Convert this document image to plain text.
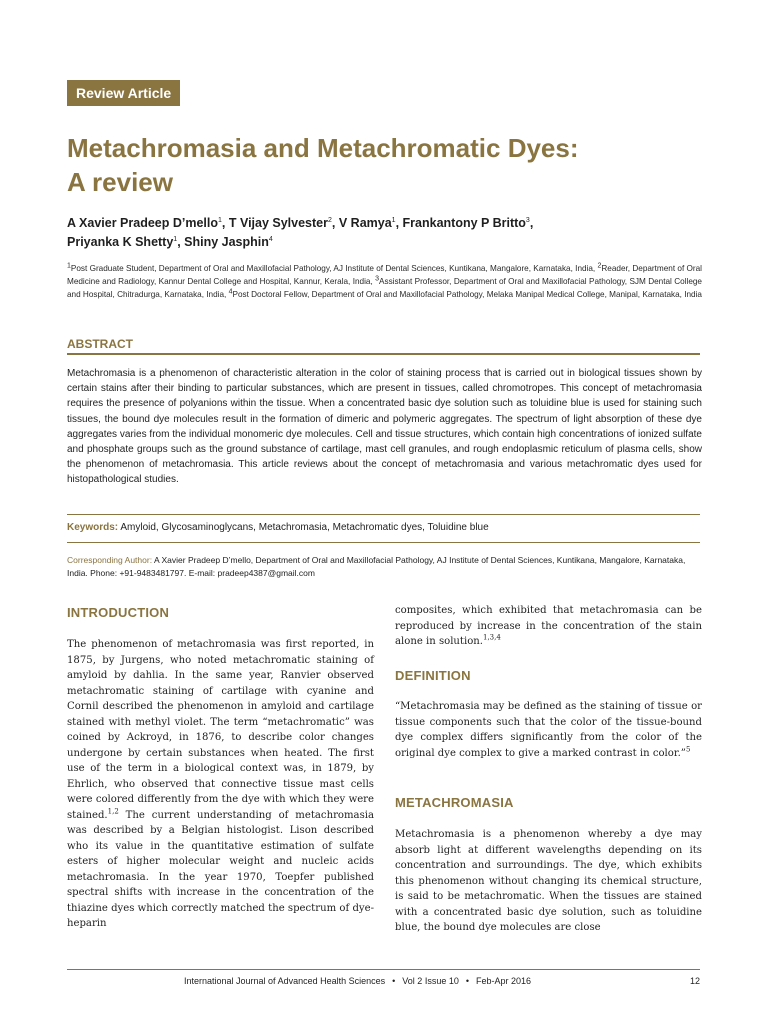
Review Article
Metachromasia and Metachromatic Dyes:
A review
A Xavier Pradeep D’mello$^1$, T Vijay Sylvester$^2$, V Ramya$^1$, Frankantony P Britto$^3$,
Priyanka K Shetty$^1$, Shiny Jasphin$^4$
$^1$Post Graduate Student, Department of Oral and Maxillofacial Pathology, AJ Institute of Dental Sciences, Kuntikana, Mangalore, Karnataka, India, $^2$Reader, Department of Oral Medicine and Radiology, Kannur Dental College and Hospital, Kannur, Kerala, India, $^3$Assistant Professor, Department of Oral and Maxillofacial Pathology, SJM Dental College and Hospital, Chitradurga, Karnataka, India, $^4$Post Doctoral Fellow, Department of Oral and Maxillofacial Pathology, Melaka Manipal Medical College, Manipal, Karnataka, India
ABSTRACT
Metachromasia is a phenomenon of characteristic alteration in the color of staining process that is carried out in biological tissues shown by certain stains after their binding to particular substances, which are present in tissues, called chromotropes. This concept of metachromasia requires the presence of polyanions within the tissue. When a concentrated basic dye solution such as toluidine blue is used for staining such tissues, the bound dye molecules result in the formation of dimeric and polymeric aggregates. The spectrum of light absorption of these dye aggregates varies from the individual monomeric dye molecules. Cell and tissue structures, which contain high concentrations of ionized sulfate and phosphate groups such as the ground substance of cartilage, mast cell granules, and rough endoplasmic reticulum of plasma cells, show the phenomenon of metachromasia. This article reviews about the concept of metachromasia and various metachromatic dyes used for histopathological studies.
Keywords: Amyloid, Glycosaminoglycans, Metachromasia, Metachromatic dyes, Toluidine blue
Corresponding Author: A Xavier Pradeep D’mello, Department of Oral and Maxillofacial Pathology, AJ Institute of Dental Sciences, Kuntikana, Mangalore, Karnataka, India. Phone: +91-9483481797. E-mail: pradeep4387@gmail.com
INTRODUCTION
The phenomenon of metachromasia was first reported, in 1875, by Jurgens, who noted metachromatic staining of amyloid by dahlia. In the same year, Ranvier observed metachromatic staining of cartilage with cyanine and Cornil described the phenomenon in amyloid and cartilage stained with methyl violet. The term “metachromatic” was coined by Ackroyd, in 1876, to describe color changes undergone by certain substances when heated. The first use of the term in a biological context was, in 1879, by Ehrlich, who observed that connective tissue mast cells were colored differently from the dye with which they were stained.$^{1,2}$ The current understanding of metachromasia was described by a Belgian histologist. Lison described who its value in the quantitative estimation of sulfate esters of higher molecular weight and nucleic acids metachromasia. In the year 1970, Toepfer published spectral shifts with increase in the concentration of the thiazine dyes which correctly matched the spectrum of dye-heparin
composites, which exhibited that metachromasia can be reproduced by increase in the concentration of the stain alone in solution.$^{1,3,4}$
DEFINITION
“Metachromasia may be defined as the staining of tissue or tissue components such that the color of the tissue-bound dye complex differs significantly from the color of the original dye complex to give a marked contrast in color.”$^5$
METACHROMASIA
Metachromasia is a phenomenon whereby a dye may absorb light at different wavelengths depending on its concentration and surroundings. The dye, which exhibits this phenomenon without changing its chemical structure, is said to be metachromatic. When the tissues are stained with a concentrated basic dye solution, such as toluidine blue, the bound dye molecules are close
International Journal of Advanced Health Sciences • Vol 2 Issue 10 • Feb-Apr 2016	12
